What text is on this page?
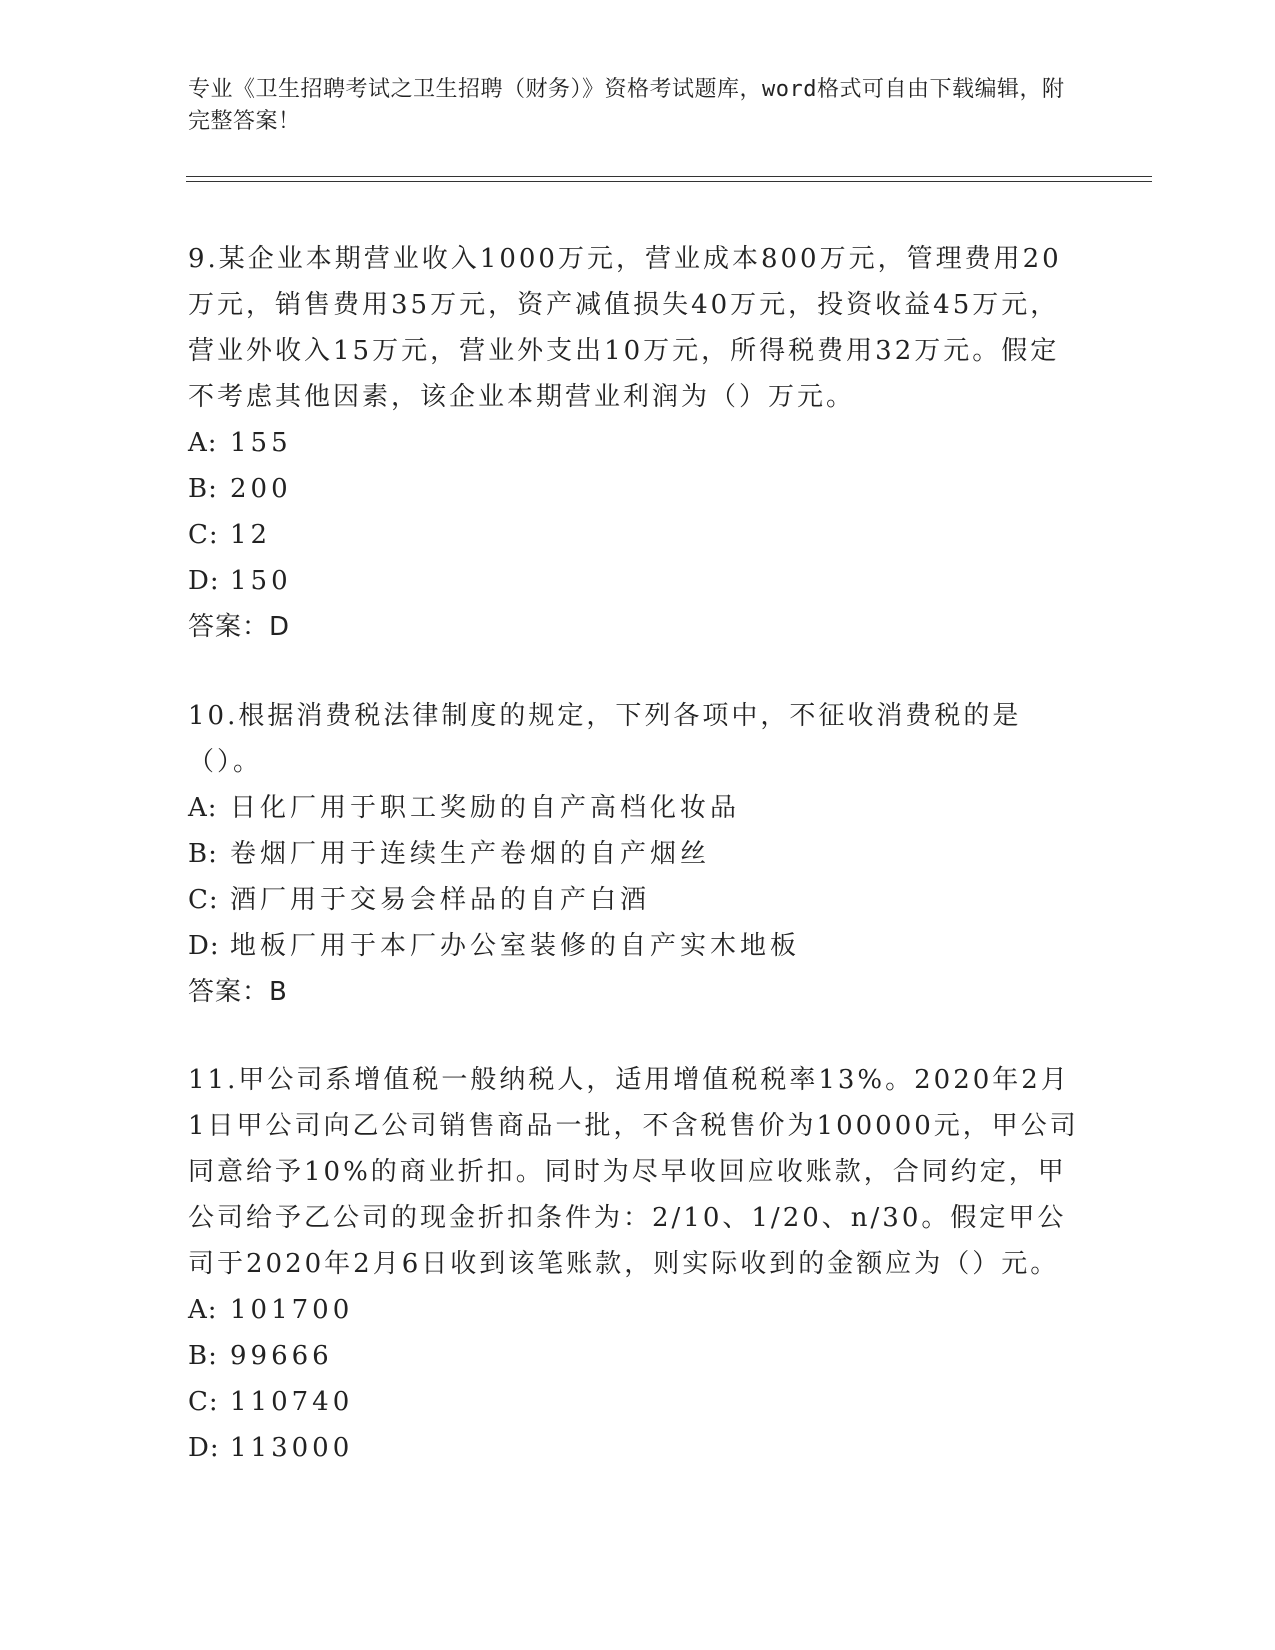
专业《卫生招聘考试之卫生招聘（财务）》资格考试题库，word格式可自由下载编辑，附完整答案！

9.某企业本期营业收入1000万元，营业成本800万元，管理费用20万元，销售费用35万元，资产减值损失40万元，投资收益45万元，营业外收入15万元，营业外支出10万元，所得税费用32万元。假定不考虑其他因素，该企业本期营业利润为（）万元。

A: 155
B: 200
C: 12
D: 150
答案：D

10.根据消费税法律制度的规定，下列各项中，不征收消费税的是（）。

A: 日化厂用于职工奖励的自产高档化妆品
B: 卷烟厂用于连续生产卷烟的自产烟丝
C: 酒厂用于交易会样品的自产白酒
D: 地板厂用于本厂办公室装修的自产实木地板
答案：B

11.甲公司系增值税一般纳税人，适用增值税税率13%。2020年2月1日甲公司向乙公司销售商品一批，不含税售价为100000元，甲公司同意给予10%的商业折扣。同时为尽早收回应收账款，合同约定，甲公司给予乙公司的现金折扣条件为：2/10、1/20、n/30。假定甲公司于2020年2月6日收到该笔账款，则实际收到的金额应为（）元。

A: 101700
B: 99666
C: 110740
D: 113000
